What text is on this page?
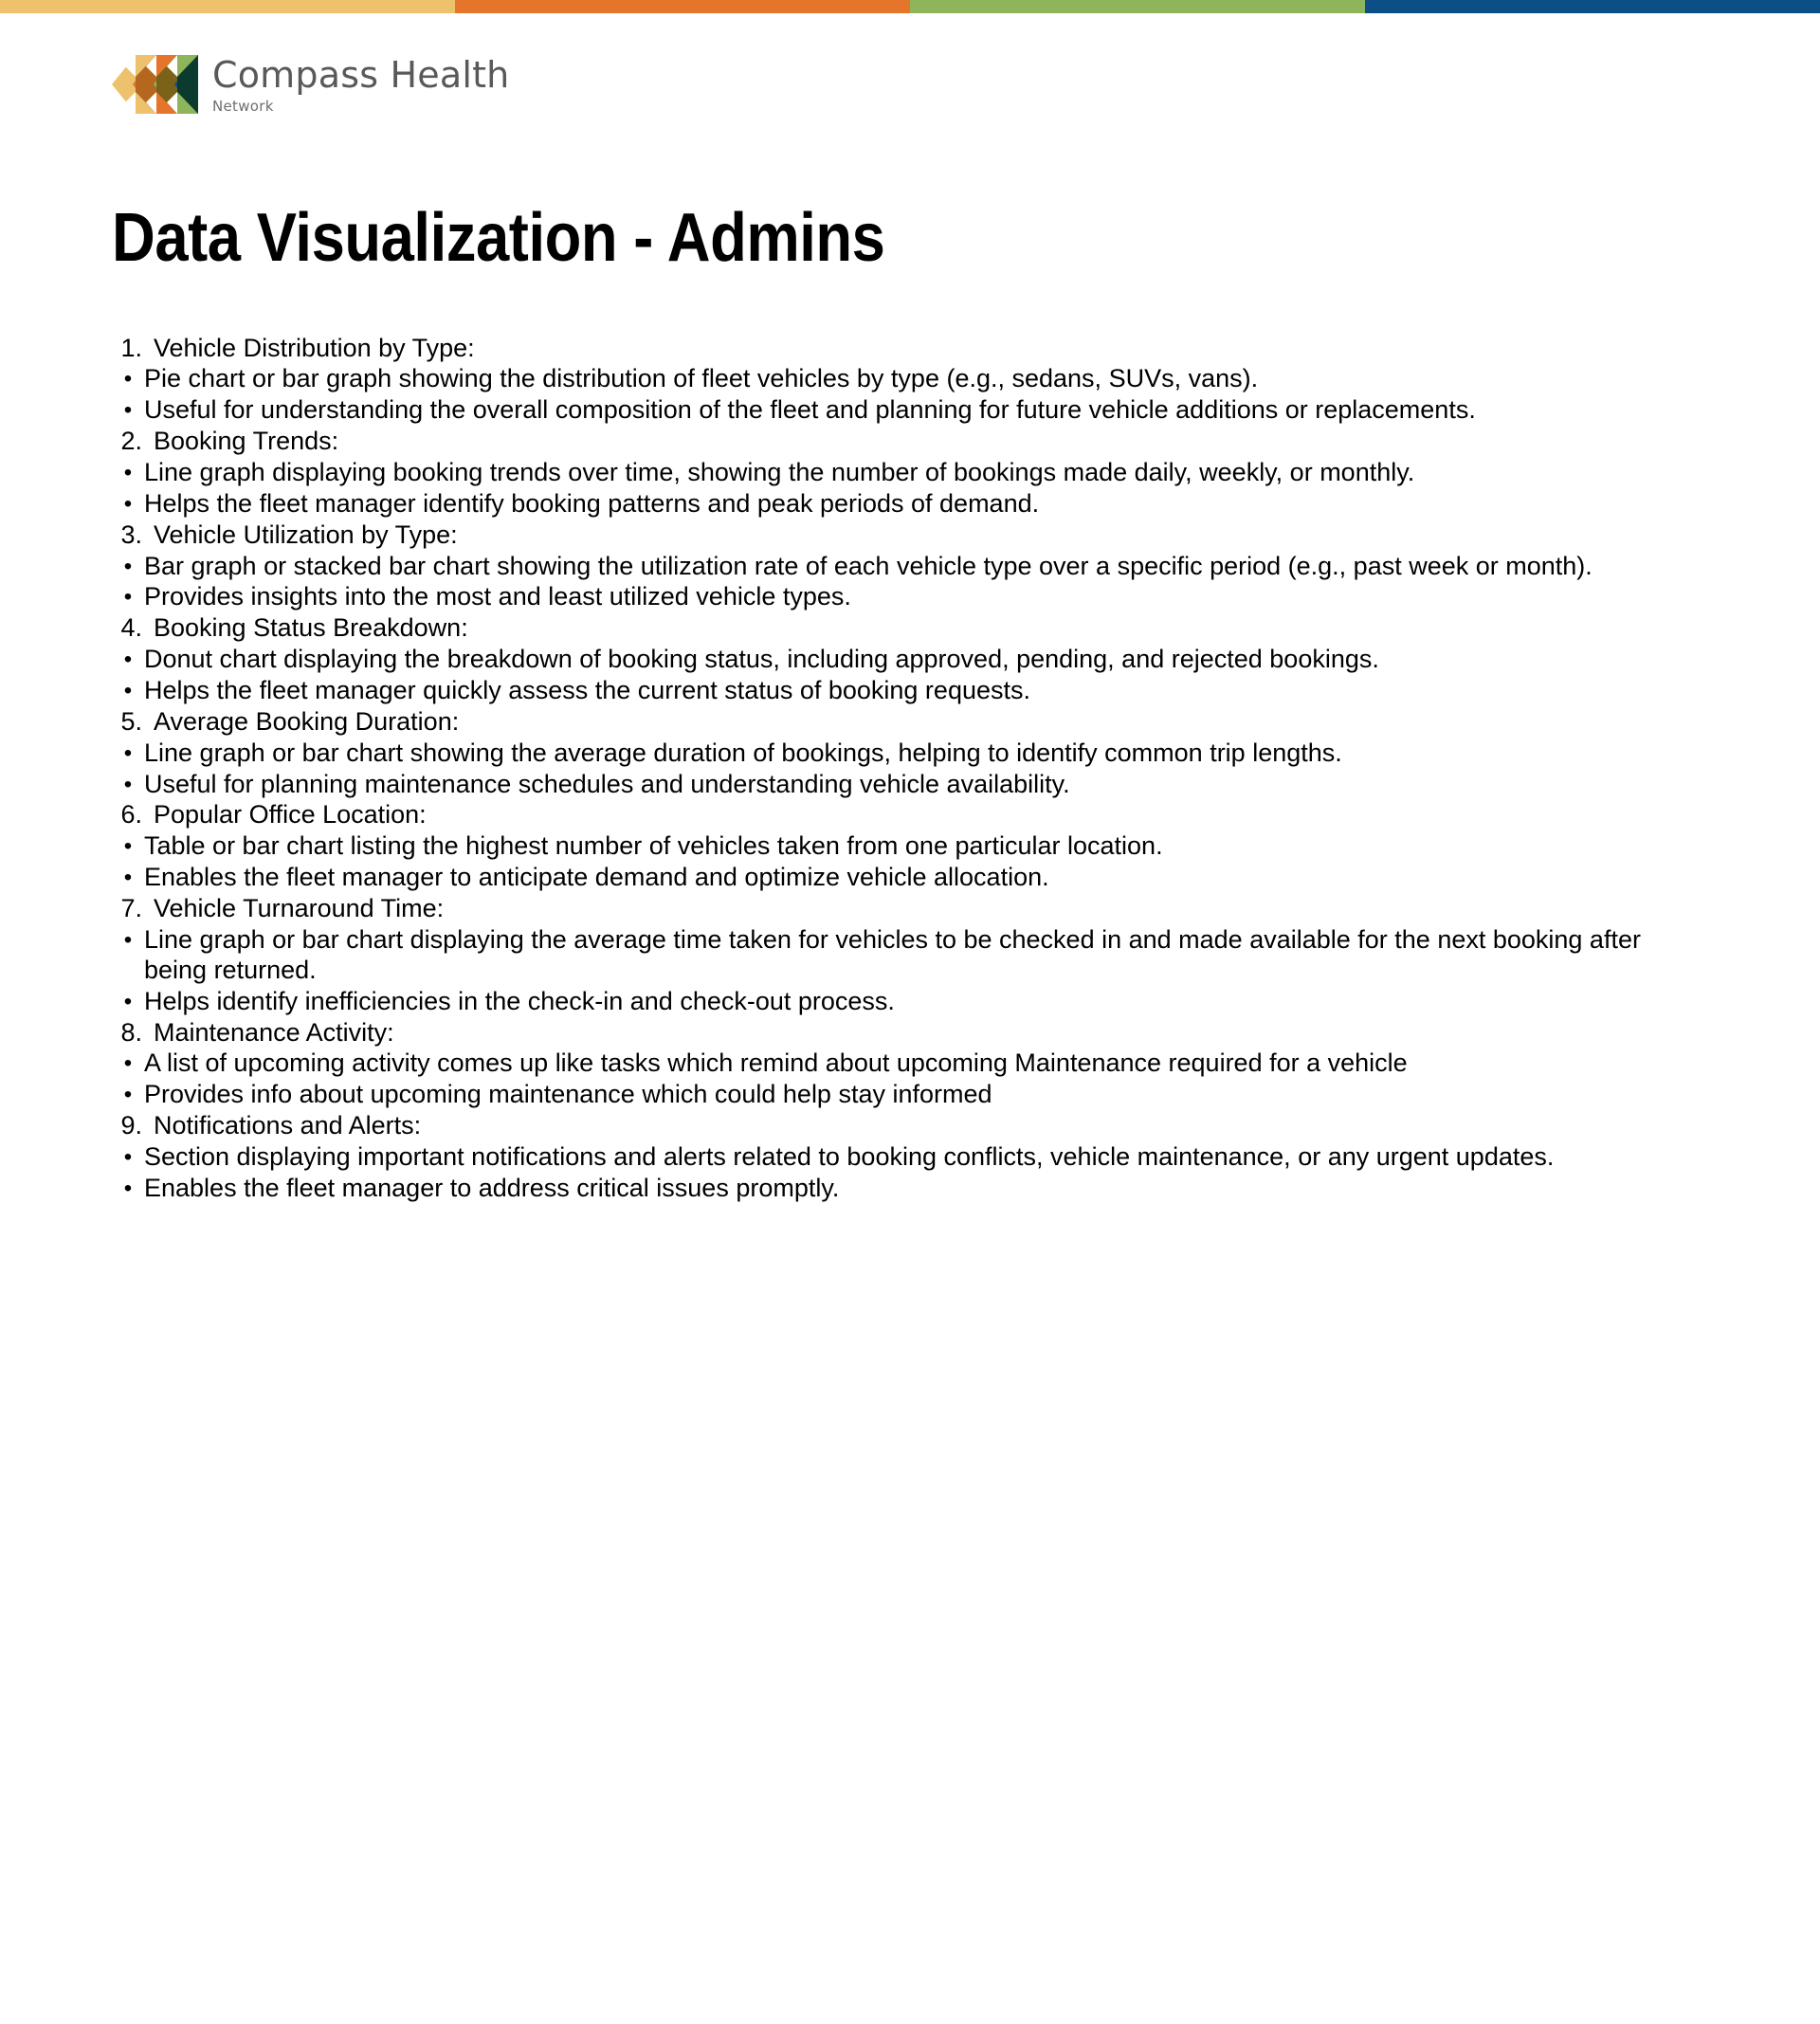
Compass Health
Network
Data Visualization - Admins
1. Vehicle Distribution by Type:
• Pie chart or bar graph showing the distribution of fleet vehicles by type (e.g., sedans, SUVs, vans).
• Useful for understanding the overall composition of the fleet and planning for future vehicle additions or replacements.
2. Booking Trends:
• Line graph displaying booking trends over time, showing the number of bookings made daily, weekly, or monthly.
• Helps the fleet manager identify booking patterns and peak periods of demand.
3. Vehicle Utilization by Type:
• Bar graph or stacked bar chart showing the utilization rate of each vehicle type over a specific period (e.g., past week or month).
• Provides insights into the most and least utilized vehicle types.
4. Booking Status Breakdown:
• Donut chart displaying the breakdown of booking status, including approved, pending, and rejected bookings.
• Helps the fleet manager quickly assess the current status of booking requests.
5. Average Booking Duration:
• Line graph or bar chart showing the average duration of bookings, helping to identify common trip lengths.
• Useful for planning maintenance schedules and understanding vehicle availability.
6. Popular Office Location:
• Table or bar chart listing the highest number of vehicles taken from one particular location.
• Enables the fleet manager to anticipate demand and optimize vehicle allocation.
7. Vehicle Turnaround Time:
• Line graph or bar chart displaying the average time taken for vehicles to be checked in and made available for the next booking after being returned.
• Helps identify inefficiencies in the check-in and check-out process.
8. Maintenance Activity:
• A list of upcoming activity comes up like tasks which remind about upcoming Maintenance required for a vehicle
• Provides info about upcoming maintenance which could help stay informed
9. Notifications and Alerts:
• Section displaying important notifications and alerts related to booking conflicts, vehicle maintenance, or any urgent updates.
• Enables the fleet manager to address critical issues promptly.
